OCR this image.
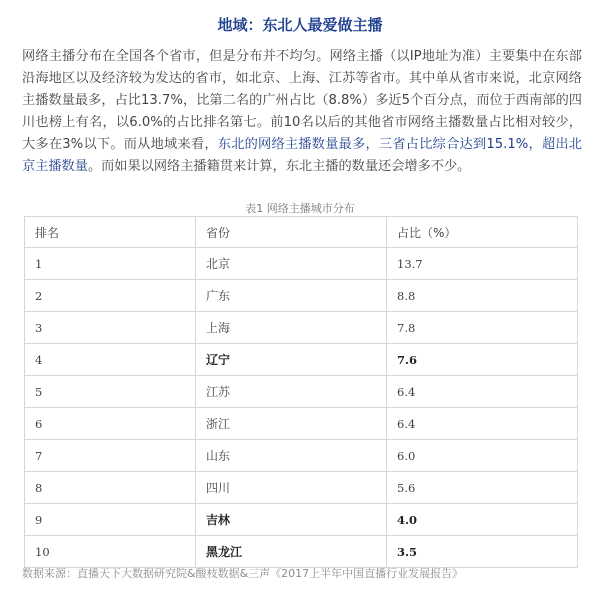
地域：东北人最爱做主播
网络主播分布在全国各个省市，但是分布并不均匀。网络主播（以IP地址为准）主要集中在东部沿海地区以及经济较为发达的省市，如北京、上海、江苏等省市。其中单从省市来说，北京网络主播数量最多，占比13.7%，比第二名的广州占比（8.8%）多近5个百分点，而位于西南部的四川也榜上有名，以6.0%的占比排名第七。前10名以后的其他省市网络主播数量占比相对较少，大多在3%以下。而从地域来看，东北的网络主播数量最多，三省占比综合达到15.1%，超出北京主播数量。而如果以网络主播籍贯来计算，东北主播的数量还会增多不少。
表1 网络主播城市分布
排名	省份	占比（%）
1	北京	13.7
2	广东	8.8
3	上海	7.8
4	辽宁	7.6
5	江苏	6.4
6	浙江	6.4
7	山东	6.0
8	四川	5.6
9	吉林	4.0
10	黑龙江	3.5
数据来源：直播天下大数据研究院&酸枝数据&三声《2017上半年中国直播行业发展报告》
